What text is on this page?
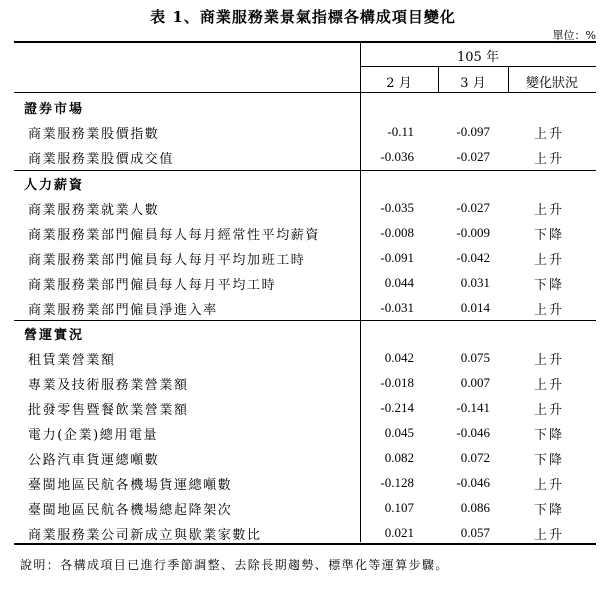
表 1、商業服務業景氣指標各構成項目變化
單位：%
105 年
2 月	3 月	變化狀況
證券市場
商業服務業股價指數	-0.11	-0.097	上升
商業服務業股價成交值	-0.036	-0.027	上升
人力薪資
商業服務業就業人數	-0.035	-0.027	上升
商業服務業部門僱員每人每月經常性平均薪資	-0.008	-0.009	下降
商業服務業部門僱員每人每月平均加班工時	-0.091	-0.042	上升
商業服務業部門僱員每人每月平均工時	0.044	0.031	下降
商業服務業部門僱員淨進入率	-0.031	0.014	上升
營運實況
租賃業營業額	0.042	0.075	上升
專業及技術服務業營業額	-0.018	0.007	上升
批發零售暨餐飲業營業額	-0.214	-0.141	上升
電力(企業)總用電量	0.045	-0.046	下降
公路汽車貨運總噸數	0.082	0.072	下降
臺閩地區民航各機場貨運總噸數	-0.128	-0.046	上升
臺閩地區民航各機場總起降架次	0.107	0.086	下降
商業服務業公司新成立與歇業家數比	0.021	0.057	上升
說明：各構成項目已進行季節調整、去除長期趨勢、標準化等運算步驟。
